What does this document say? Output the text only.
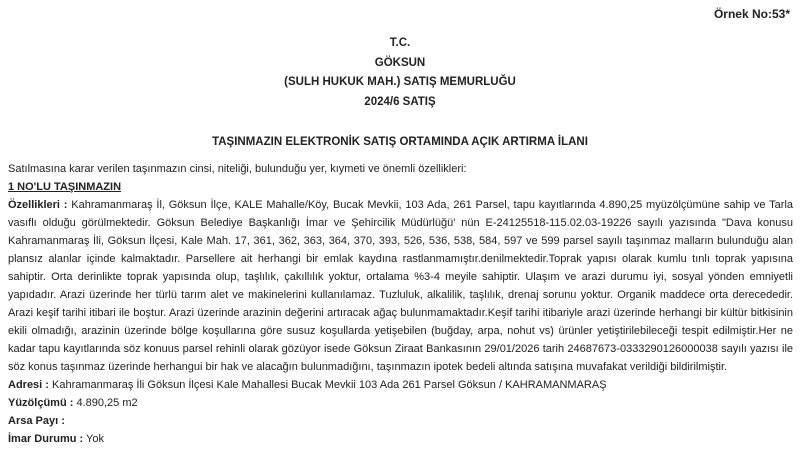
Örnek No:53*
T.C.
GÖKSUN
(SULH HUKUK MAH.) SATIŞ MEMURLUĞU
2024/6 SATIŞ
TAŞINMAZIN ELEKTRONİK SATIŞ ORTAMINDA AÇIK ARTIRMA İLANI

Satılmasına karar verilen taşınmazın cinsi, niteliği, bulunduğu yer, kıymeti ve önemli özellikleri:

1 NO'LU TAŞINMAZIN

Özellikleri : Kahramanmaraş İl, Göksun İlçe, KALE Mahalle/Köy, Bucak Mevkii, 103 Ada, 261 Parsel, tapu kayıtlarında 4.890,25 myüzölçümüne sahip ve Tarla vasıflı olduğu görülmektedir. Göksun Belediye Başkanlığı İmar ve Şehircilik Müdürlüğü' nün E-24125518-115.02.03-19226 sayılı yazısında "Dava konusu Kahramanmaraş İli, Göksun İlçesi, Kale Mah. 17, 361, 362, 363, 364, 370, 393, 526, 536, 538, 584, 597 ve 599 parsel sayılı taşınmaz malların bulunduğu alan plansız alanlar içinde kalmaktadır. Parsellere ait herhangi bir emlak kaydına rastlanmamıştır.denilmektedir.Toprak yapısı olarak kumlu tınlı toprak yapısına sahiptir. Orta derinlikte toprak yapısında olup, taşlılık, çakıllılık yoktur, ortalama %3-4 meyile sahiptir. Ulaşım ve arazi durumu iyi, sosyal yönden emniyetli yapıdadır. Arazi üzerinde her türlü tarım alet ve makinelerini kullanılamaz. Tuzluluk, alkalilik, taşlılık, drenaj sorunu yoktur. Organik maddece orta derecededir. Arazi keşif tarihi itibari ile boştur. Arazi üzerinde arazinin değerini artıracak ağaç bulunmamaktadır.Keşif tarihi itibariyle arazi üzerinde herhangi bir kültür bitkisinin ekili olmadığı, arazinin üzerinde bölge koşullarına göre susuz koşullarda yetişebilen (buğday, arpa, nohut vs) ürünler yetiştirilebileceği tespit edilmiştir.Her ne kadar tapu kayıtlarında söz konuus parsel rehinli olarak gözüyor isede Göksun Ziraat Bankasının 29/01/2026 tarih 24687673-0333290126000038 sayılı yazısı ile söz konus taşınmaz üzerinde herhangui bir hak ve alacağın bulunmadığını, taşınmazın ipotek bedeli altında satışına muvafakat verildiği bildirilmiştir.

Adresi : Kahramanmaraş İli Göksun İlçesi Kale Mahallesi Bucak Mevkii 103 Ada 261 Parsel Göksun / KAHRAMANMARAŞ

Yüzölçümü : 4.890,25 m2

Arsa Payı :

İmar Durumu : Yok
